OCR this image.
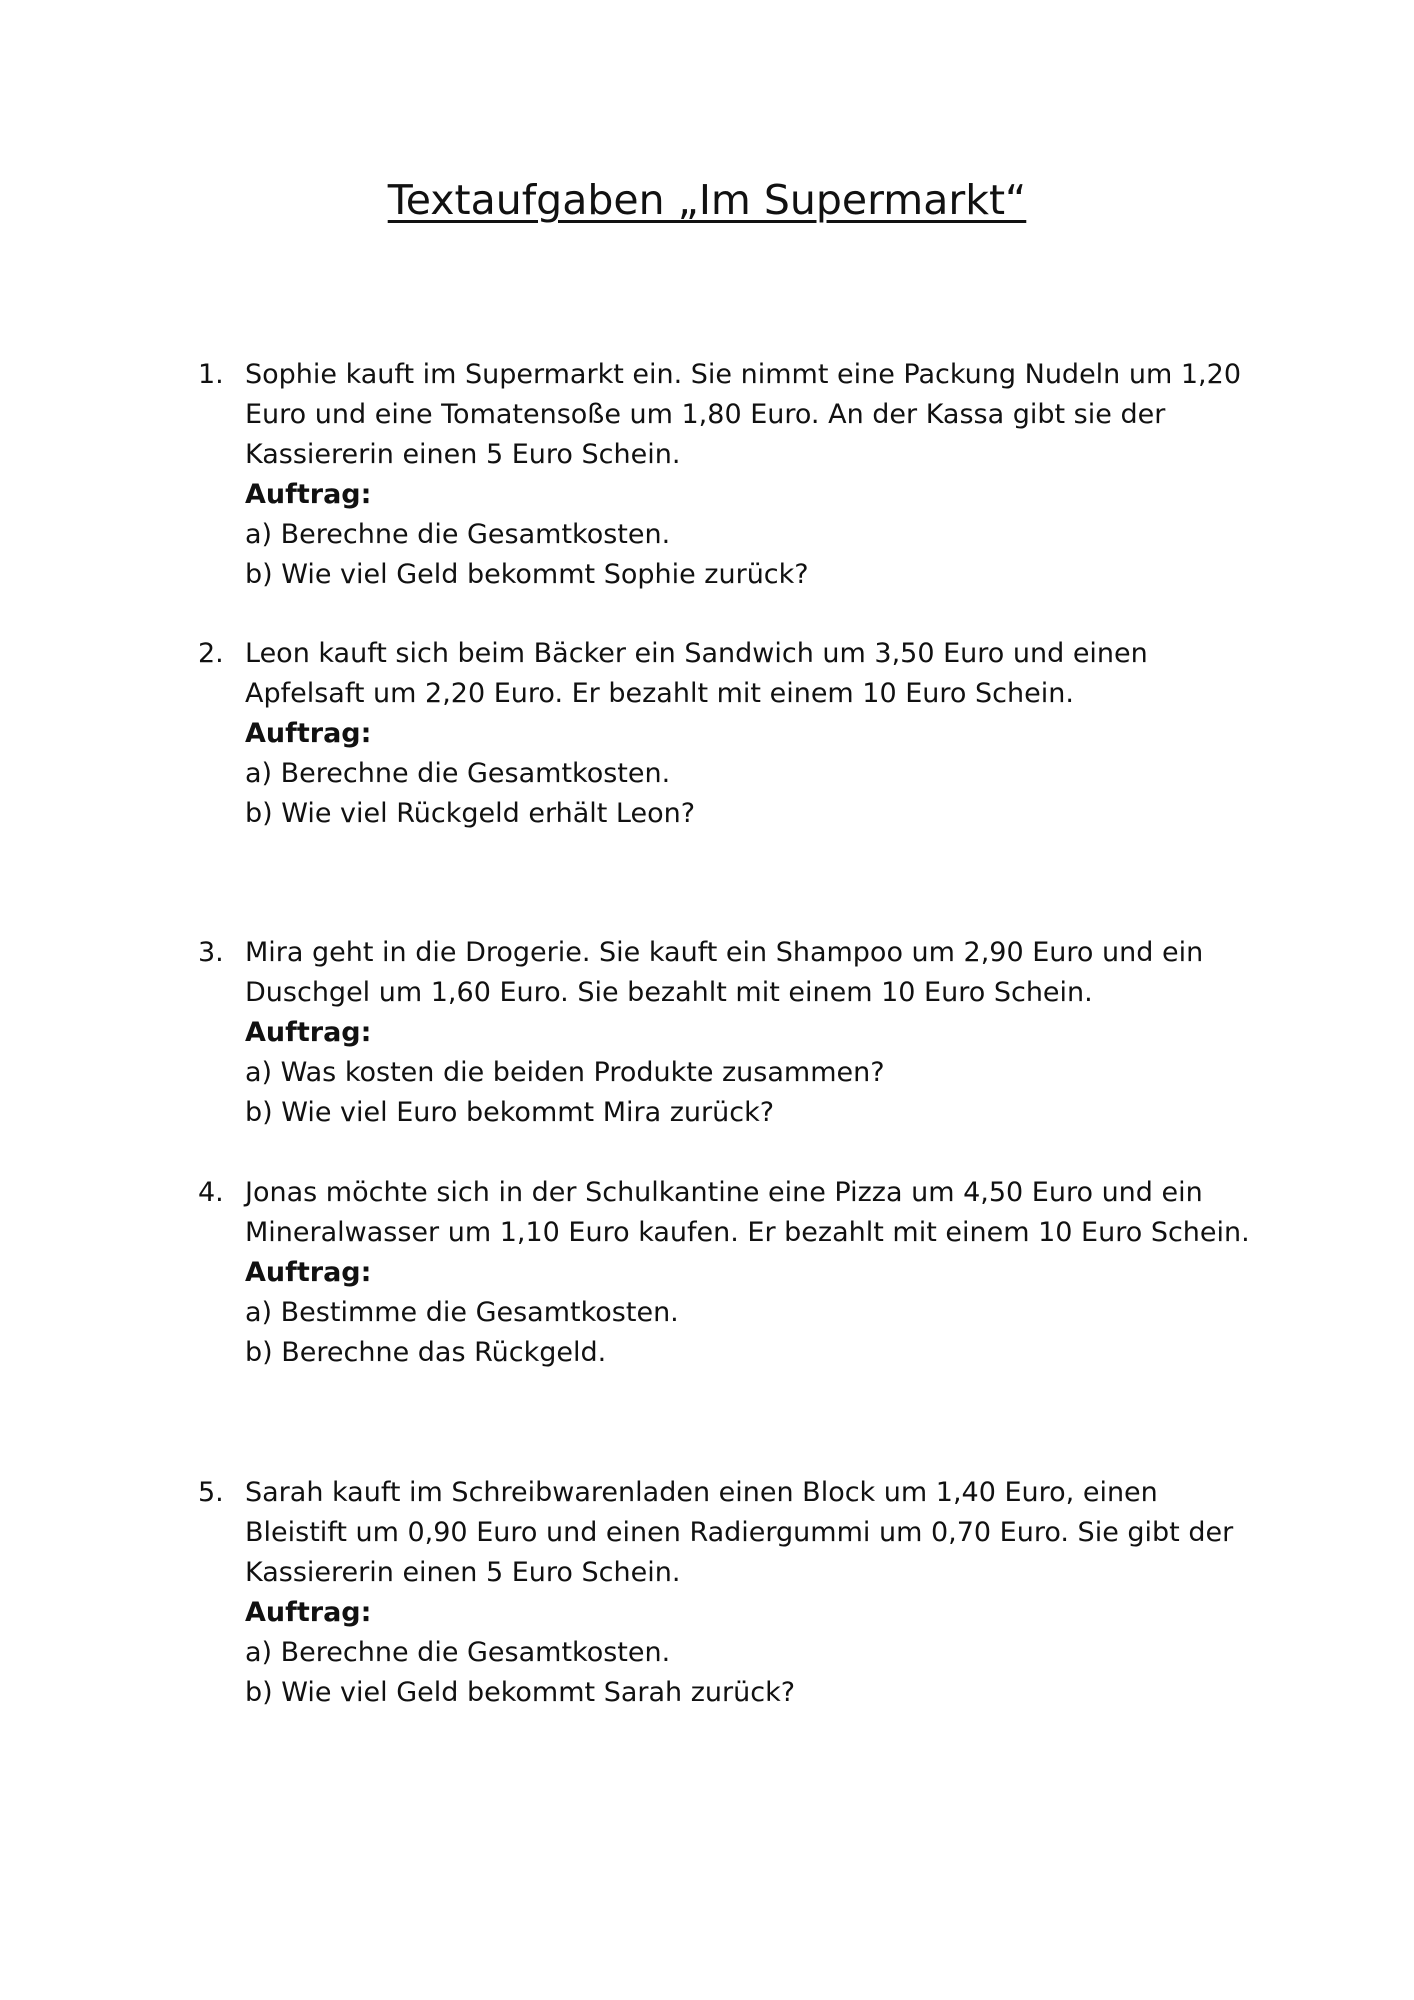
Textaufgaben „Im Supermarkt“
1. Sophie kauft im Supermarkt ein. Sie nimmt eine Packung Nudeln um 1,20
Euro und eine Tomatensoße um 1,80 Euro. An der Kassa gibt sie der
Kassiererin einen 5 Euro Schein.
Auftrag:
a) Berechne die Gesamtkosten.
b) Wie viel Geld bekommt Sophie zurück?
2. Leon kauft sich beim Bäcker ein Sandwich um 3,50 Euro und einen
Apfelsaft um 2,20 Euro. Er bezahlt mit einem 10 Euro Schein.
Auftrag:
a) Berechne die Gesamtkosten.
b) Wie viel Rückgeld erhält Leon?
3. Mira geht in die Drogerie. Sie kauft ein Shampoo um 2,90 Euro und ein
Duschgel um 1,60 Euro. Sie bezahlt mit einem 10 Euro Schein.
Auftrag:
a) Was kosten die beiden Produkte zusammen?
b) Wie viel Euro bekommt Mira zurück?
4. Jonas möchte sich in der Schulkantine eine Pizza um 4,50 Euro und ein
Mineralwasser um 1,10 Euro kaufen. Er bezahlt mit einem 10 Euro Schein.
Auftrag:
a) Bestimme die Gesamtkosten.
b) Berechne das Rückgeld.
5. Sarah kauft im Schreibwarenladen einen Block um 1,40 Euro, einen
Bleistift um 0,90 Euro und einen Radiergummi um 0,70 Euro. Sie gibt der
Kassiererin einen 5 Euro Schein.
Auftrag:
a) Berechne die Gesamtkosten.
b) Wie viel Geld bekommt Sarah zurück?
